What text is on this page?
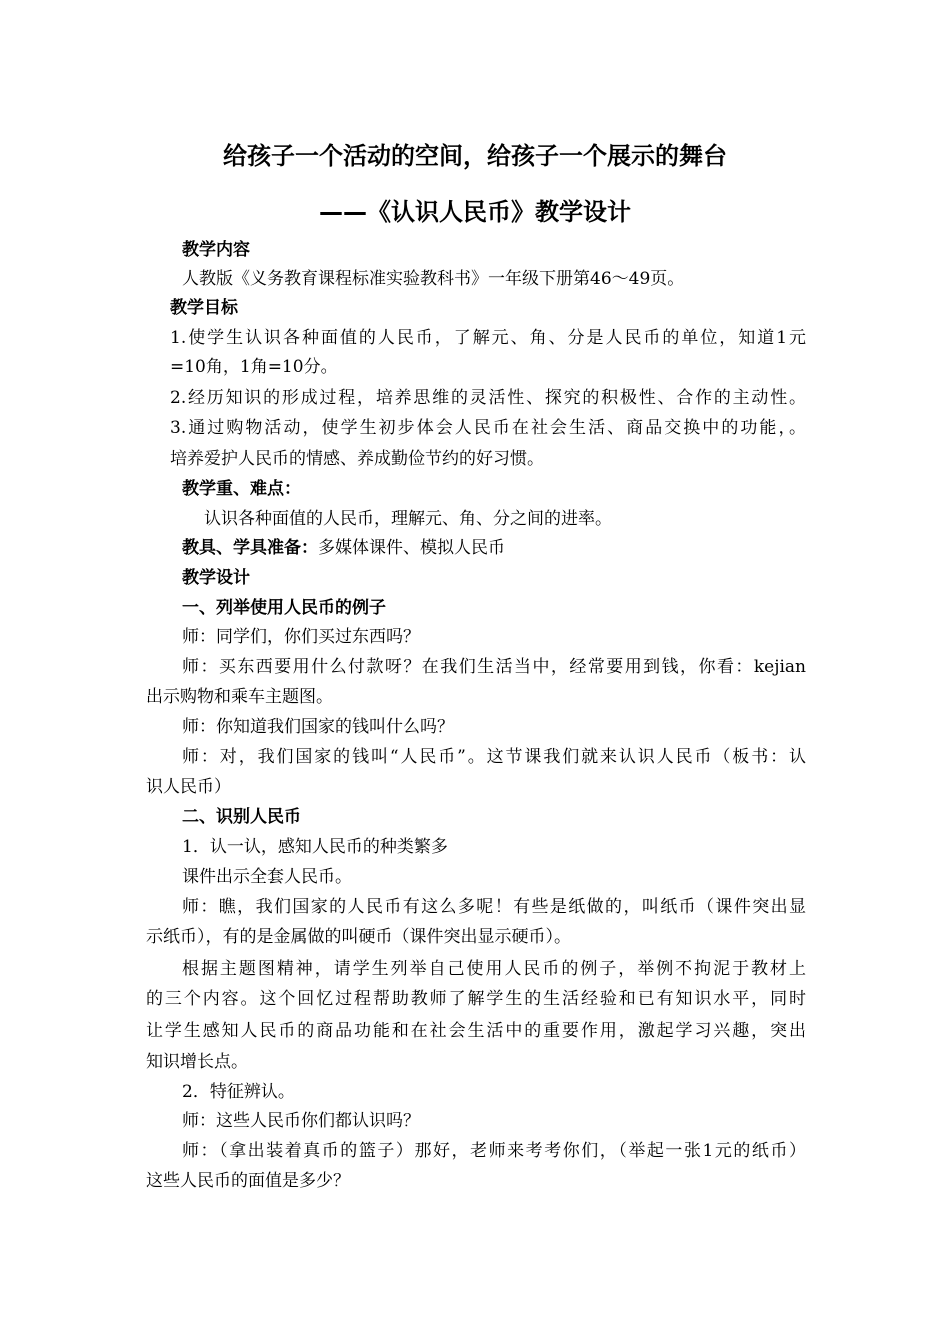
给孩子一个活动的空间，给孩子一个展示的舞台
——《认识人民币》教学设计
教学内容
人教版《义务教育课程标准实验教科书》一年级下册第46～49页。
教学目标
1.使学生认识各种面值的人民币，了解元、角、分是人民币的单位，知道1元
=10角，1角=10分。
2.经历知识的形成过程，培养思维的灵活性、探究的积极性、合作的主动性。
3.通过购物活动，使学生初步体会人民币在社会生活、商品交换中的功能，。
培养爱护人民币的情感、养成勤俭节约的好习惯。
教学重、难点：
认识各种面值的人民币，理解元、角、分之间的进率。
教具、学具准备：多媒体课件、模拟人民币
教学设计
一、列举使用人民币的例子
师：同学们，你们买过东西吗？
师：买东西要用什么付款呀？在我们生活当中，经常要用到钱，你看：kejian
出示购物和乘车主题图。
师：你知道我们国家的钱叫什么吗？
师：对，我们国家的钱叫“人民币”。这节课我们就来认识人民币（板书：认
识人民币）
二、识别人民币
1．认一认，感知人民币的种类繁多
课件出示全套人民币。
师：瞧，我们国家的人民币有这么多呢！有些是纸做的，叫纸币（课件突出显
示纸币），有的是金属做的叫硬币（课件突出显示硬币）。
根据主题图精神，请学生列举自己使用人民币的例子，举例不拘泥于教材上
的三个内容。这个回忆过程帮助教师了解学生的生活经验和已有知识水平，同时
让学生感知人民币的商品功能和在社会生活中的重要作用，激起学习兴趣，突出
知识增长点。
2．特征辨认。
师：这些人民币你们都认识吗？
师：（拿出装着真币的篮子）那好，老师来考考你们，（举起一张1元的纸币）
这些人民币的面值是多少？
